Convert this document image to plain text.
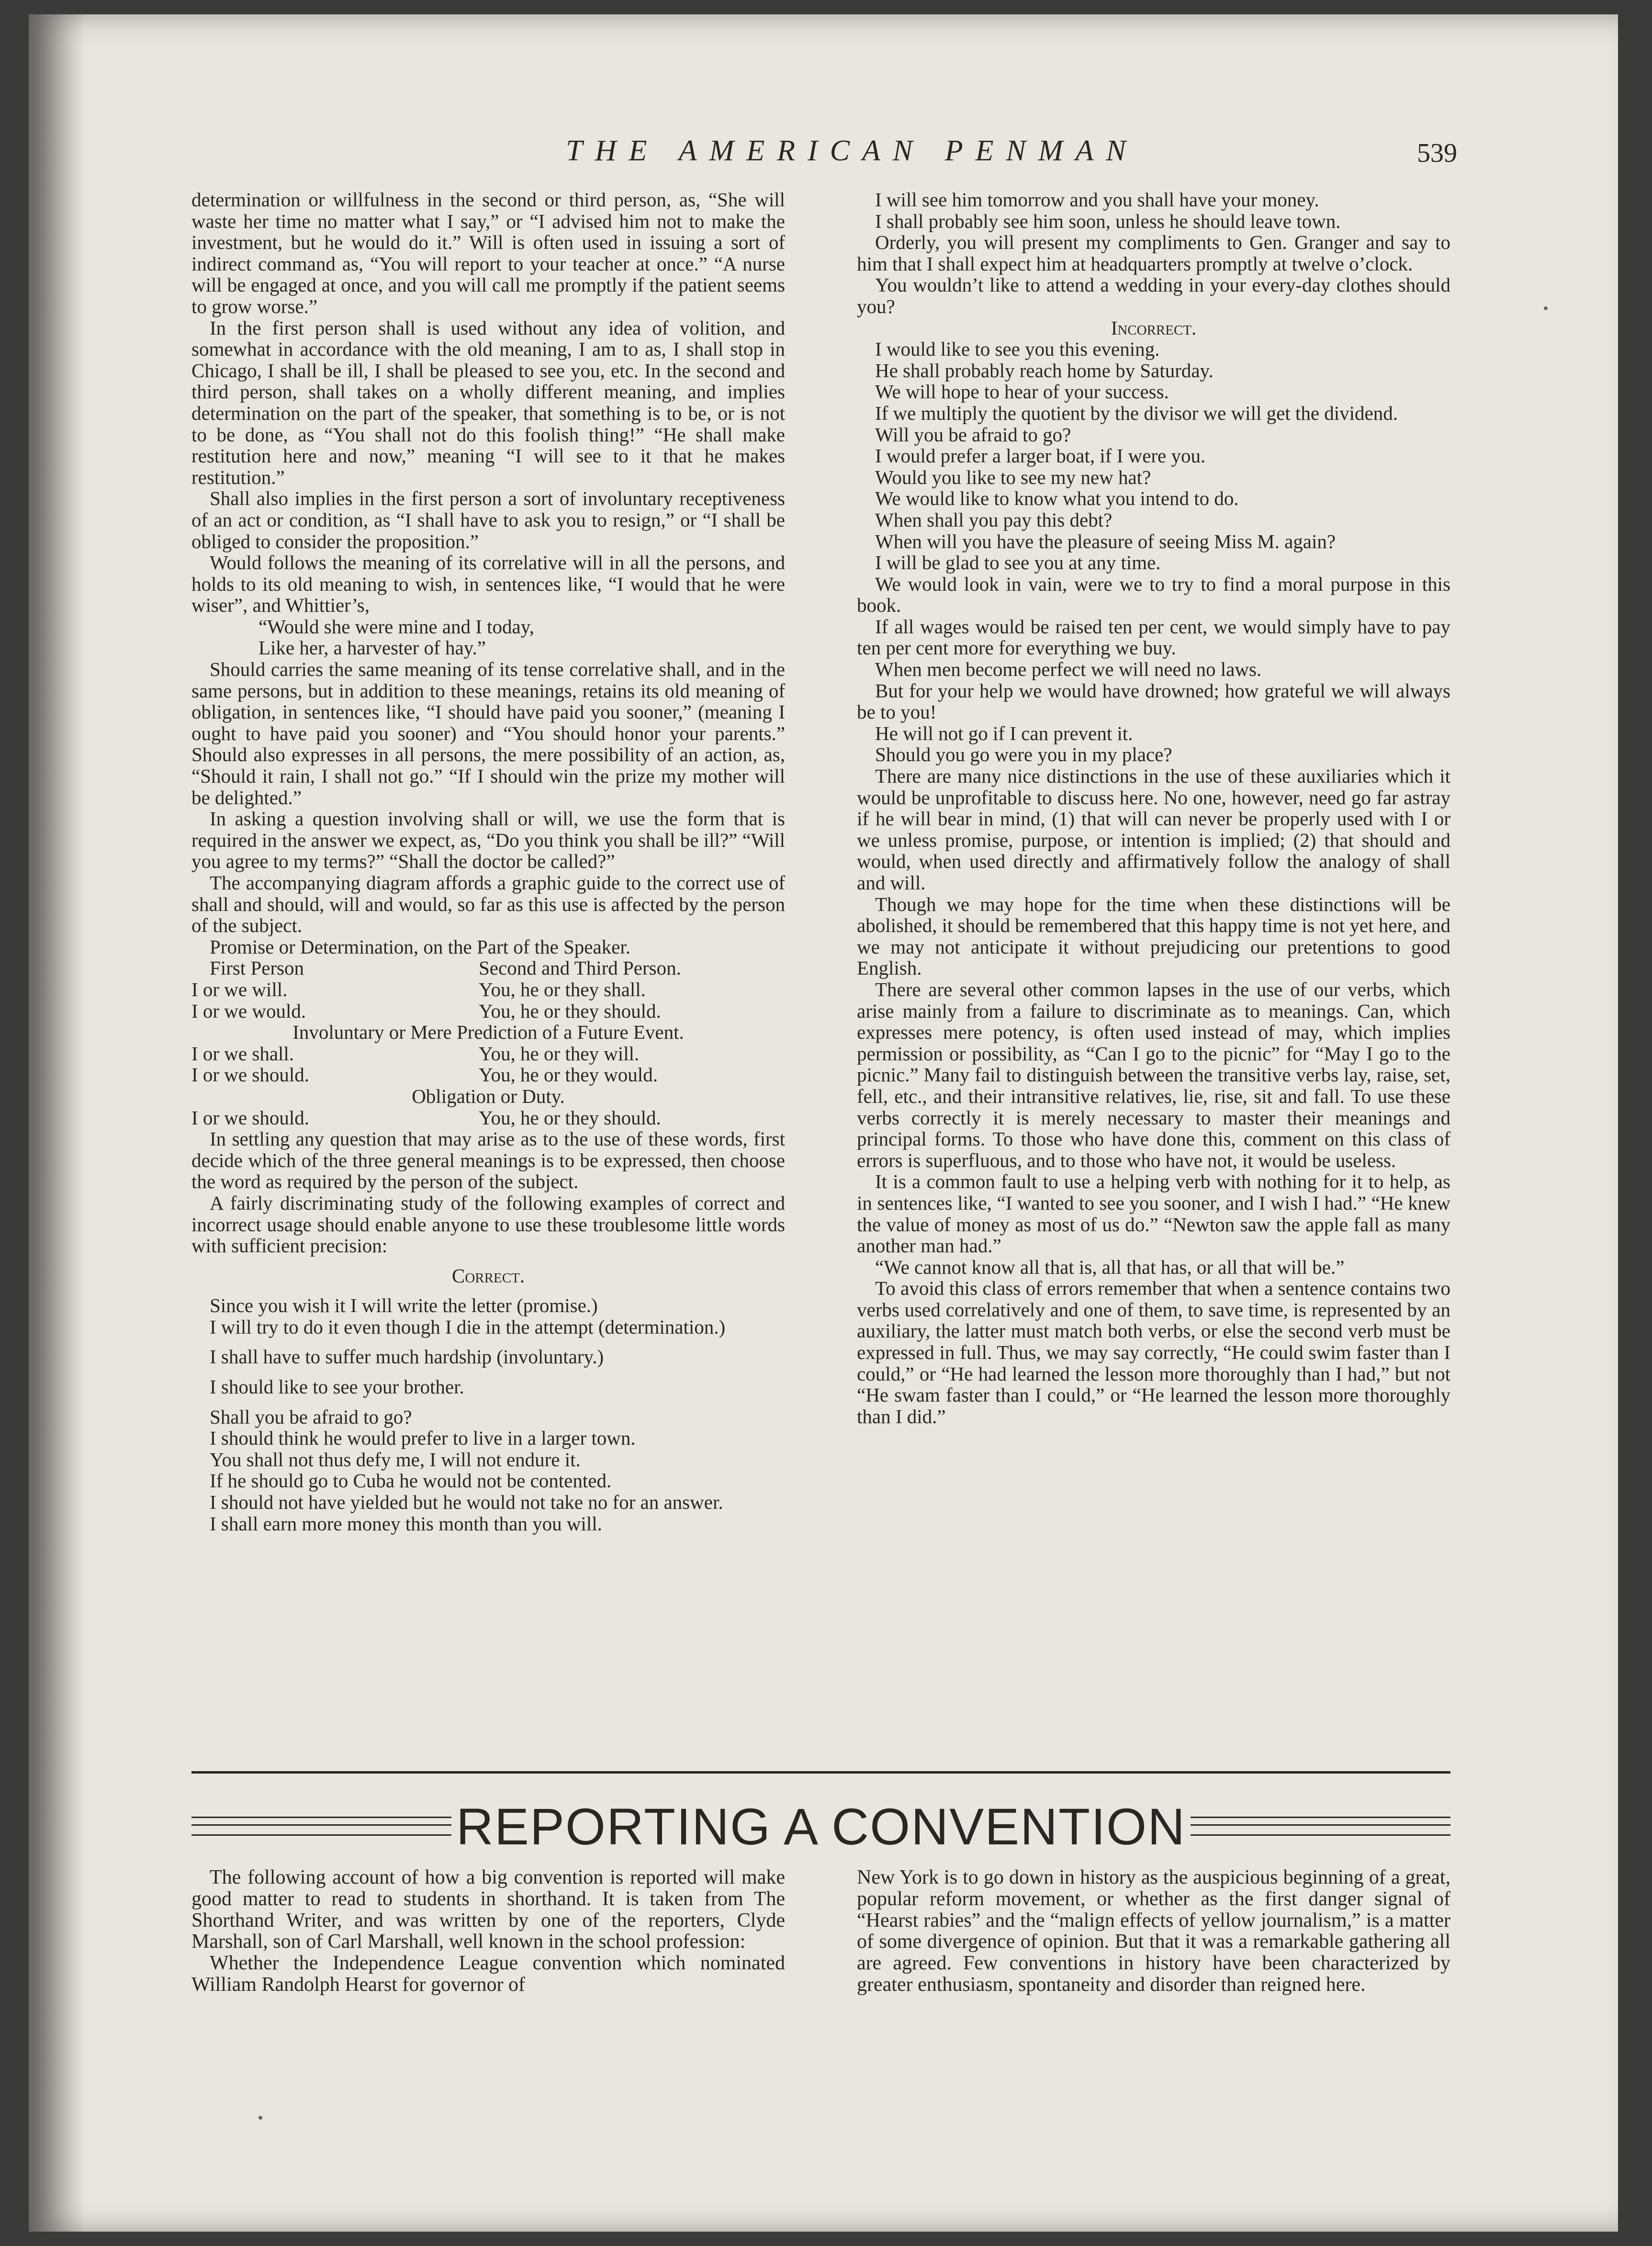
THE AMERICAN PENMAN	539

determination or willfulness in the second or third person, as, “She will waste her time no matter what I say,” or “I advised him not to make the investment, but he would do it.” Will is often used in issuing a sort of indirect command as, “You will report to your teacher at once.” “A nurse will be engaged at once, and you will call me promptly if the patient seems to grow worse.”

In the first person shall is used without any idea of volition, and somewhat in accordance with the old meaning, I am to as, I shall stop in Chicago, I shall be ill, I shall be pleased to see you, etc. In the second and third person, shall takes on a wholly different meaning, and implies determination on the part of the speaker, that something is to be, or is not to be done, as “You shall not do this foolish thing!” “He shall make restitution here and now,” meaning “I will see to it that he makes restitution.”

Shall also implies in the first person a sort of involuntary receptiveness of an act or condition, as “I shall have to ask you to resign,” or “I shall be obliged to consider the proposition.”

Would follows the meaning of its correlative will in all the persons, and holds to its old meaning to wish, in sentences like, “I would that he were wiser”, and Whittier’s,

“Would she were mine and I today,

Like her, a harvester of hay.”

Should carries the same meaning of its tense correlative shall, and in the same persons, but in addition to these meanings, retains its old meaning of obligation, in sentences like, “I should have paid you sooner,” (meaning I ought to have paid you sooner) and “You should honor your parents.” Should also expresses in all persons, the mere possibility of an action, as, “Should it rain, I shall not go.” “If I should win the prize my mother will be delighted.”

In asking a question involving shall or will, we use the form that is required in the answer we expect, as, “Do you think you shall be ill?” “Will you agree to my terms?” “Shall the doctor be called?”

The accompanying diagram affords a graphic guide to the correct use of shall and should, will and would, so far as this use is affected by the person of the subject.

Promise or Determination, on the Part of the Speaker.

First Person	Second and Third Person.
I or we will.	You, he or they shall.
I or we would.	You, he or they should.

Involuntary or Mere Prediction of a Future Event.

I or we shall.	You, he or they will.
I or we should.	You, he or they would.

Obligation or Duty.

I or we should.	You, he or they should.

In settling any question that may arise as to the use of these words, first decide which of the three general meanings is to be expressed, then choose the word as required by the person of the subject.

A fairly discriminating study of the following examples of correct and incorrect usage should enable anyone to use these troublesome little words with sufficient precision:

Correct.

Since you wish it I will write the letter (promise.)

I will try to do it even though I die in the attempt (determination.)

I shall have to suffer much hardship (involuntary.)

I should like to see your brother.

Shall you be afraid to go?

I should think he would prefer to live in a larger town.

You shall not thus defy me, I will not endure it.

If he should go to Cuba he would not be contented.

I should not have yielded but he would not take no for an answer.

I shall earn more money this month than you will.

I will see him tomorrow and you shall have your money.

I shall probably see him soon, unless he should leave town.

Orderly, you will present my compliments to Gen. Granger and say to him that I shall expect him at headquarters promptly at twelve o’clock.

You wouldn’t like to attend a wedding in your every-day clothes should you?

Incorrect.

I would like to see you this evening.

He shall probably reach home by Saturday.

We will hope to hear of your success.

If we multiply the quotient by the divisor we will get the dividend.

Will you be afraid to go?

I would prefer a larger boat, if I were you.

Would you like to see my new hat?

We would like to know what you intend to do.

When shall you pay this debt?

When will you have the pleasure of seeing Miss M. again?

I will be glad to see you at any time.

We would look in vain, were we to try to find a moral purpose in this book.

If all wages would be raised ten per cent, we would simply have to pay ten per cent more for everything we buy.

When men become perfect we will need no laws.

But for your help we would have drowned; how grateful we will always be to you!

He will not go if I can prevent it.

Should you go were you in my place?

There are many nice distinctions in the use of these auxiliaries which it would be unprofitable to discuss here. No one, however, need go far astray if he will bear in mind, (1) that will can never be properly used with I or we unless promise, purpose, or intention is implied; (2) that should and would, when used directly and affirmatively follow the analogy of shall and will.

Though we may hope for the time when these distinctions will be abolished, it should be remembered that this happy time is not yet here, and we may not anticipate it without prejudicing our pretentions to good English.

There are several other common lapses in the use of our verbs, which arise mainly from a failure to discriminate as to meanings. Can, which expresses mere potency, is often used instead of may, which implies permission or possibility, as “Can I go to the picnic” for “May I go to the picnic.” Many fail to distinguish between the transitive verbs lay, raise, set, fell, etc., and their intransitive relatives, lie, rise, sit and fall. To use these verbs correctly it is merely necessary to master their meanings and principal forms. To those who have done this, comment on this class of errors is superfluous, and to those who have not, it would be useless.

It is a common fault to use a helping verb with nothing for it to help, as in sentences like, “I wanted to see you sooner, and I wish I had.” “He knew the value of money as most of us do.” “Newton saw the apple fall as many another man had.”

“We cannot know all that is, all that has, or all that will be.”

To avoid this class of errors remember that when a sentence contains two verbs used correlatively and one of them, to save time, is represented by an auxiliary, the latter must match both verbs, or else the second verb must be expressed in full. Thus, we may say correctly, “He could swim faster than I could,” or “He had learned the lesson more thoroughly than I had,” but not “He swam faster than I could,” or “He learned the lesson more thoroughly than I did.”

REPORTING A CONVENTION

The following account of how a big convention is reported will make good matter to read to students in shorthand. It is taken from The Shorthand Writer, and was written by one of the reporters, Clyde Marshall, son of Carl Marshall, well known in the school profession:

Whether the Independence League convention which nominated William Randolph Hearst for governor of

New York is to go down in history as the auspicious beginning of a great, popular reform movement, or whether as the first danger signal of “Hearst rabies” and the “malign effects of yellow journalism,” is a matter of some divergence of opinion. But that it was a remarkable gathering all are agreed. Few conventions in history have been characterized by greater enthusiasm, spontaneity and disorder than reigned here.
